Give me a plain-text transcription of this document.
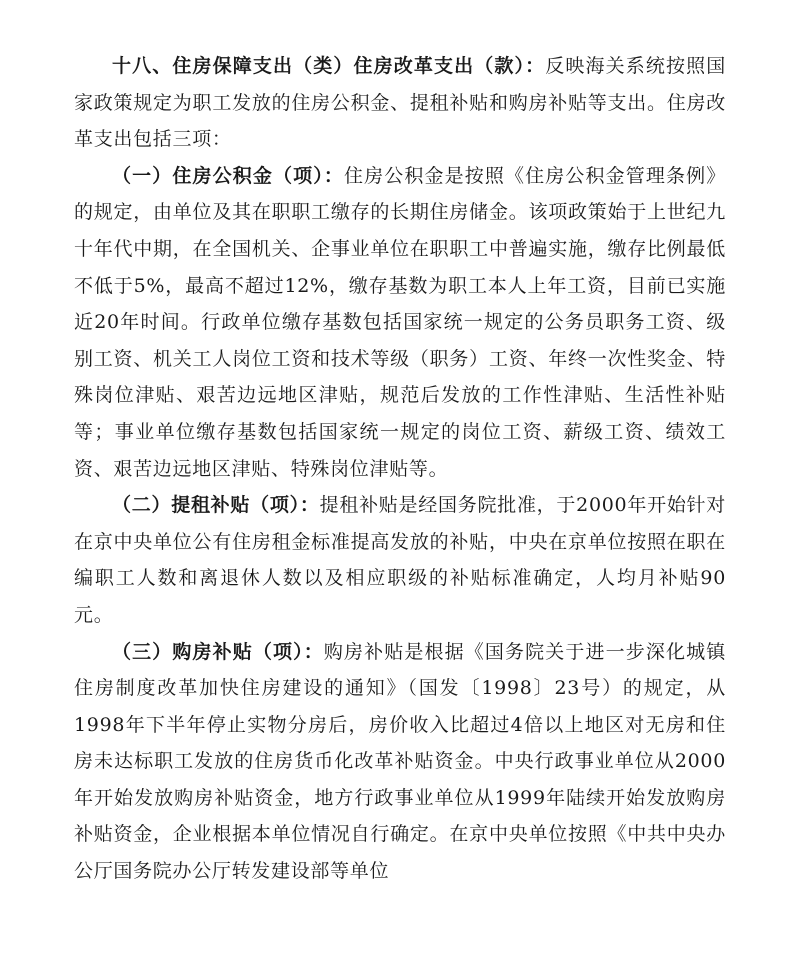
十八、住房保障支出（类）住房改革支出（款）：反映海关系统按照国家政策规定为职工发放的住房公积金、提租补贴和购房补贴等支出。住房改革支出包括三项：

（一）住房公积金（项）：住房公积金是按照《住房公积金管理条例》的规定，由单位及其在职职工缴存的长期住房储金。该项政策始于上世纪九十年代中期，在全国机关、企事业单位在职职工中普遍实施，缴存比例最低不低于5%，最高不超过12%，缴存基数为职工本人上年工资，目前已实施近20年时间。行政单位缴存基数包括国家统一规定的公务员职务工资、级别工资、机关工人岗位工资和技术等级（职务）工资、年终一次性奖金、特殊岗位津贴、艰苦边远地区津贴，规范后发放的工作性津贴、生活性补贴等；事业单位缴存基数包括国家统一规定的岗位工资、薪级工资、绩效工资、艰苦边远地区津贴、特殊岗位津贴等。

（二）提租补贴（项）：提租补贴是经国务院批准，于2000年开始针对在京中央单位公有住房租金标准提高发放的补贴，中央在京单位按照在职在编职工人数和离退休人数以及相应职级的补贴标准确定，人均月补贴90元。

（三）购房补贴（项）：购房补贴是根据《国务院关于进一步深化城镇住房制度改革加快住房建设的通知》（国发〔1998〕23号）的规定，从1998年下半年停止实物分房后，房价收入比超过4倍以上地区对无房和住房未达标职工发放的住房货币化改革补贴资金。中央行政事业单位从2000年开始发放购房补贴资金，地方行政事业单位从1999年陆续开始发放购房补贴资金，企业根据本单位情况自行确定。在京中央单位按照《中共中央办公厅国务院办公厅转发建设部等单位
